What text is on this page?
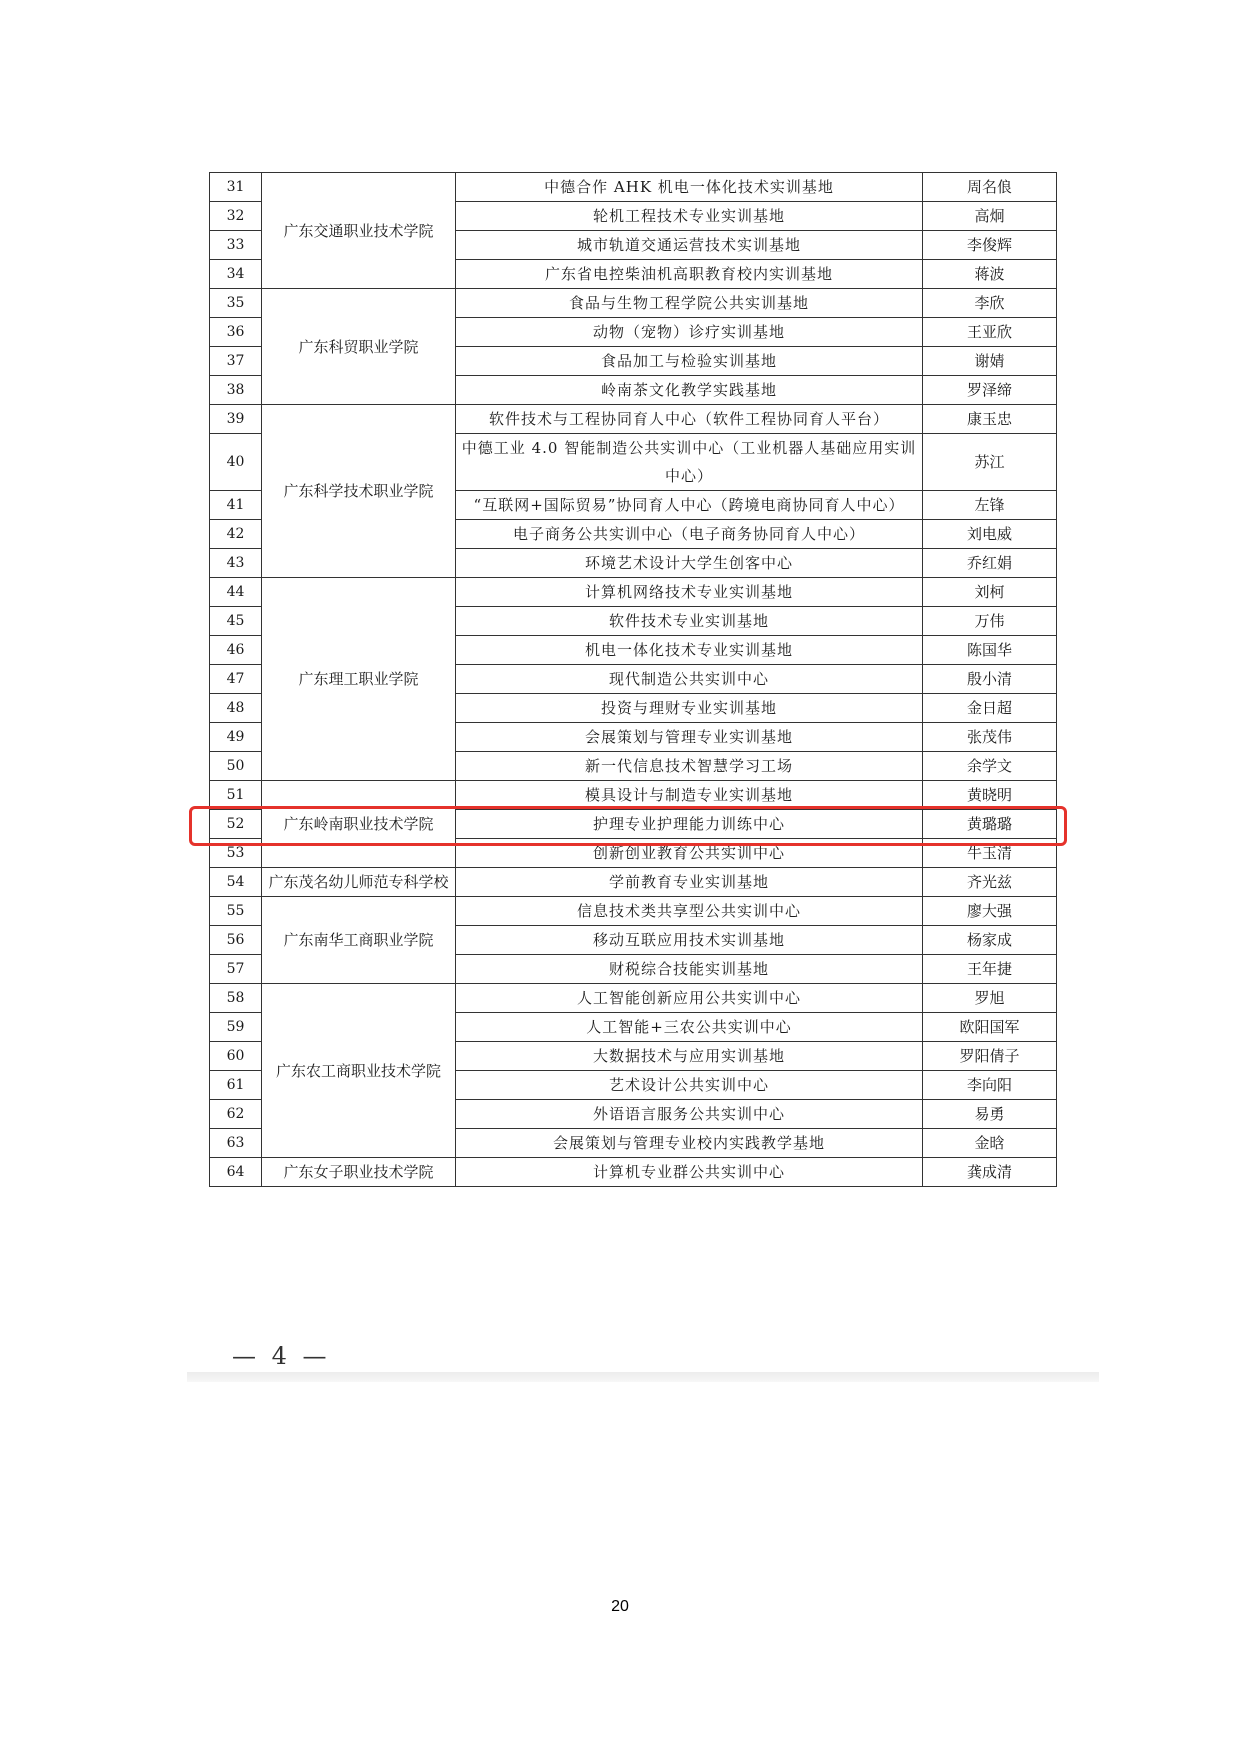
31	广东交通职业技术学院	中德合作 AHK 机电一体化技术实训基地	周名俍
32		轮机工程技术专业实训基地	高炯
33		城市轨道交通运营技术实训基地	李俊辉
34		广东省电控柴油机高职教育校内实训基地	蒋波
35	广东科贸职业学院	食品与生物工程学院公共实训基地	李欣
36		动物（宠物）诊疗实训基地	王亚欣
37		食品加工与检验实训基地	谢婧
38		岭南茶文化教学实践基地	罗泽缔
39	广东科学技术职业学院	软件技术与工程协同育人中心（软件工程协同育人平台）	康玉忠
40		中德工业 4.0 智能制造公共实训中心（工业机器人基础应用实训中心）	苏江
41		“互联网+国际贸易”协同育人中心（跨境电商协同育人中心）	左锋
42		电子商务公共实训中心（电子商务协同育人中心）	刘电威
43		环境艺术设计大学生创客中心	乔红娟
44	广东理工职业学院	计算机网络技术专业实训基地	刘柯
45		软件技术专业实训基地	万伟
46		机电一体化技术专业实训基地	陈国华
47		现代制造公共实训中心	殷小清
48		投资与理财专业实训基地	金日超
49		会展策划与管理专业实训基地	张茂伟
50		新一代信息技术智慧学习工场	余学文
51	广东岭南职业技术学院	模具设计与制造专业实训基地	黄晓明
52		护理专业护理能力训练中心	黄璐璐
53		创新创业教育公共实训中心	牛玉清
54	广东茂名幼儿师范专科学校	学前教育专业实训基地	齐光兹
55	广东南华工商职业学院	信息技术类共享型公共实训中心	廖大强
56		移动互联应用技术实训基地	杨家成
57		财税综合技能实训基地	王年捷
58	广东农工商职业技术学院	人工智能创新应用公共实训中心	罗旭
59		人工智能+三农公共实训中心	欧阳国军
60		大数据技术与应用实训基地	罗阳倩子
61		艺术设计公共实训中心	李向阳
62		外语语言服务公共实训中心	易勇
63		会展策划与管理专业校内实践教学基地	金晗
64	广东女子职业技术学院	计算机专业群公共实训中心	龚成清
— 4 —
20
